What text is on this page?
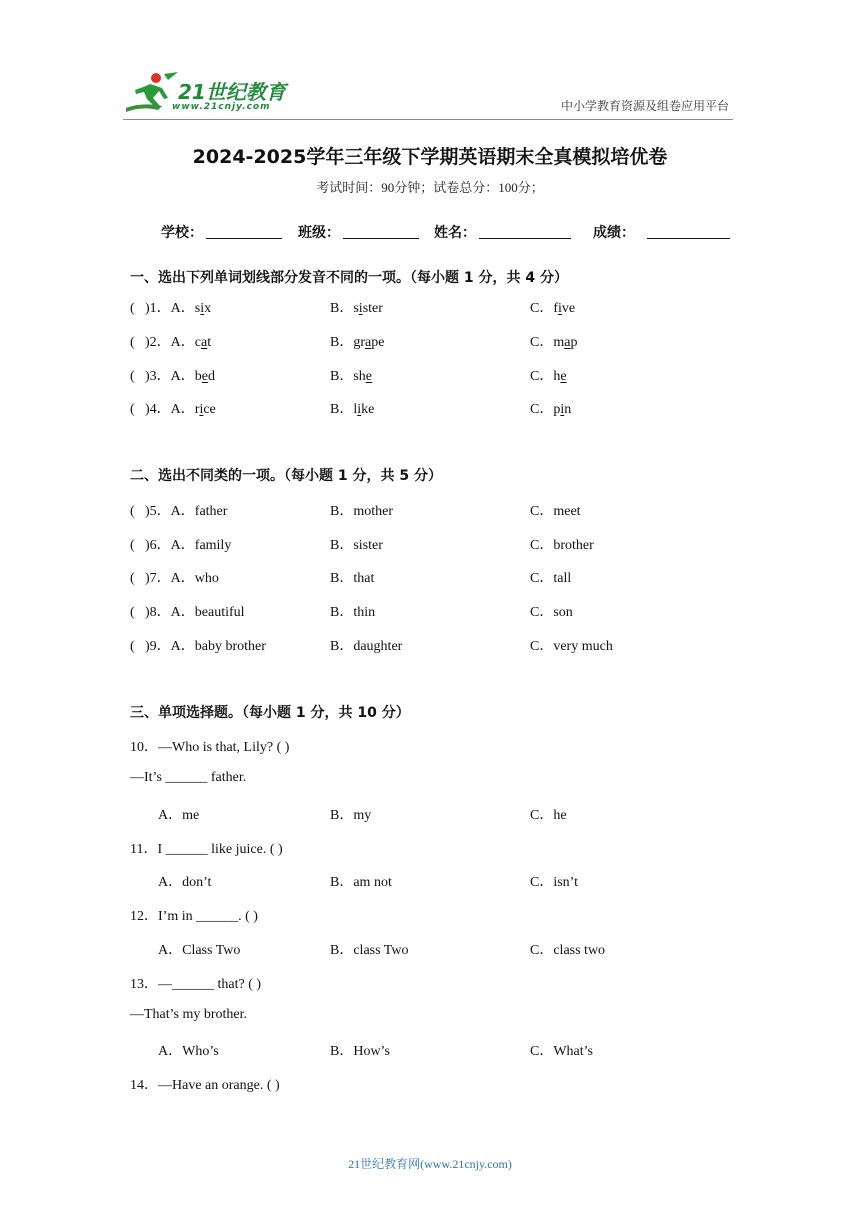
21世纪教育
www.21cnjy.com	中小学教育资源及组卷应用平台
2024-2025学年三年级下学期英语期末全真模拟培优卷
考试时间：90分钟；试卷总分：100分；
学校：	班级：	姓名：	成绩：
一、选出下列单词划线部分发音不同的一项。（每小题 1 分，共 4 分）
( )1．A．six	B．sister	C．five
( )2．A．cat	B．grape	C．map
( )3．A．bed	B．she	C．he
( )4．A．rice	B．like	C．pin
二、选出不同类的一项。（每小题 1 分，共 5 分）
( )5．A．father	B．mother	C．meet
( )6．A．family	B．sister	C．brother
( )7．A．who	B．that	C．tall
( )8．A．beautiful	B．thin	C．son
( )9．A．baby brother	B．daughter	C．very much
三、单项选择题。（每小题 1 分，共 10 分）
10．—Who is that, Lily? ( )
—It’s ______ father.
A．me	B．my	C．he
11．I ______ like juice. ( )
A．don’t	B．am not	C．isn’t
12．I’m in ______. ( )
A．Class Two	B．class Two	C．class two
13．—______ that? ( )
—That’s my brother.
A．Who’s	B．How’s	C．What’s
14．—Have an orange. ( )
21世纪教育网(www.21cnjy.com)
